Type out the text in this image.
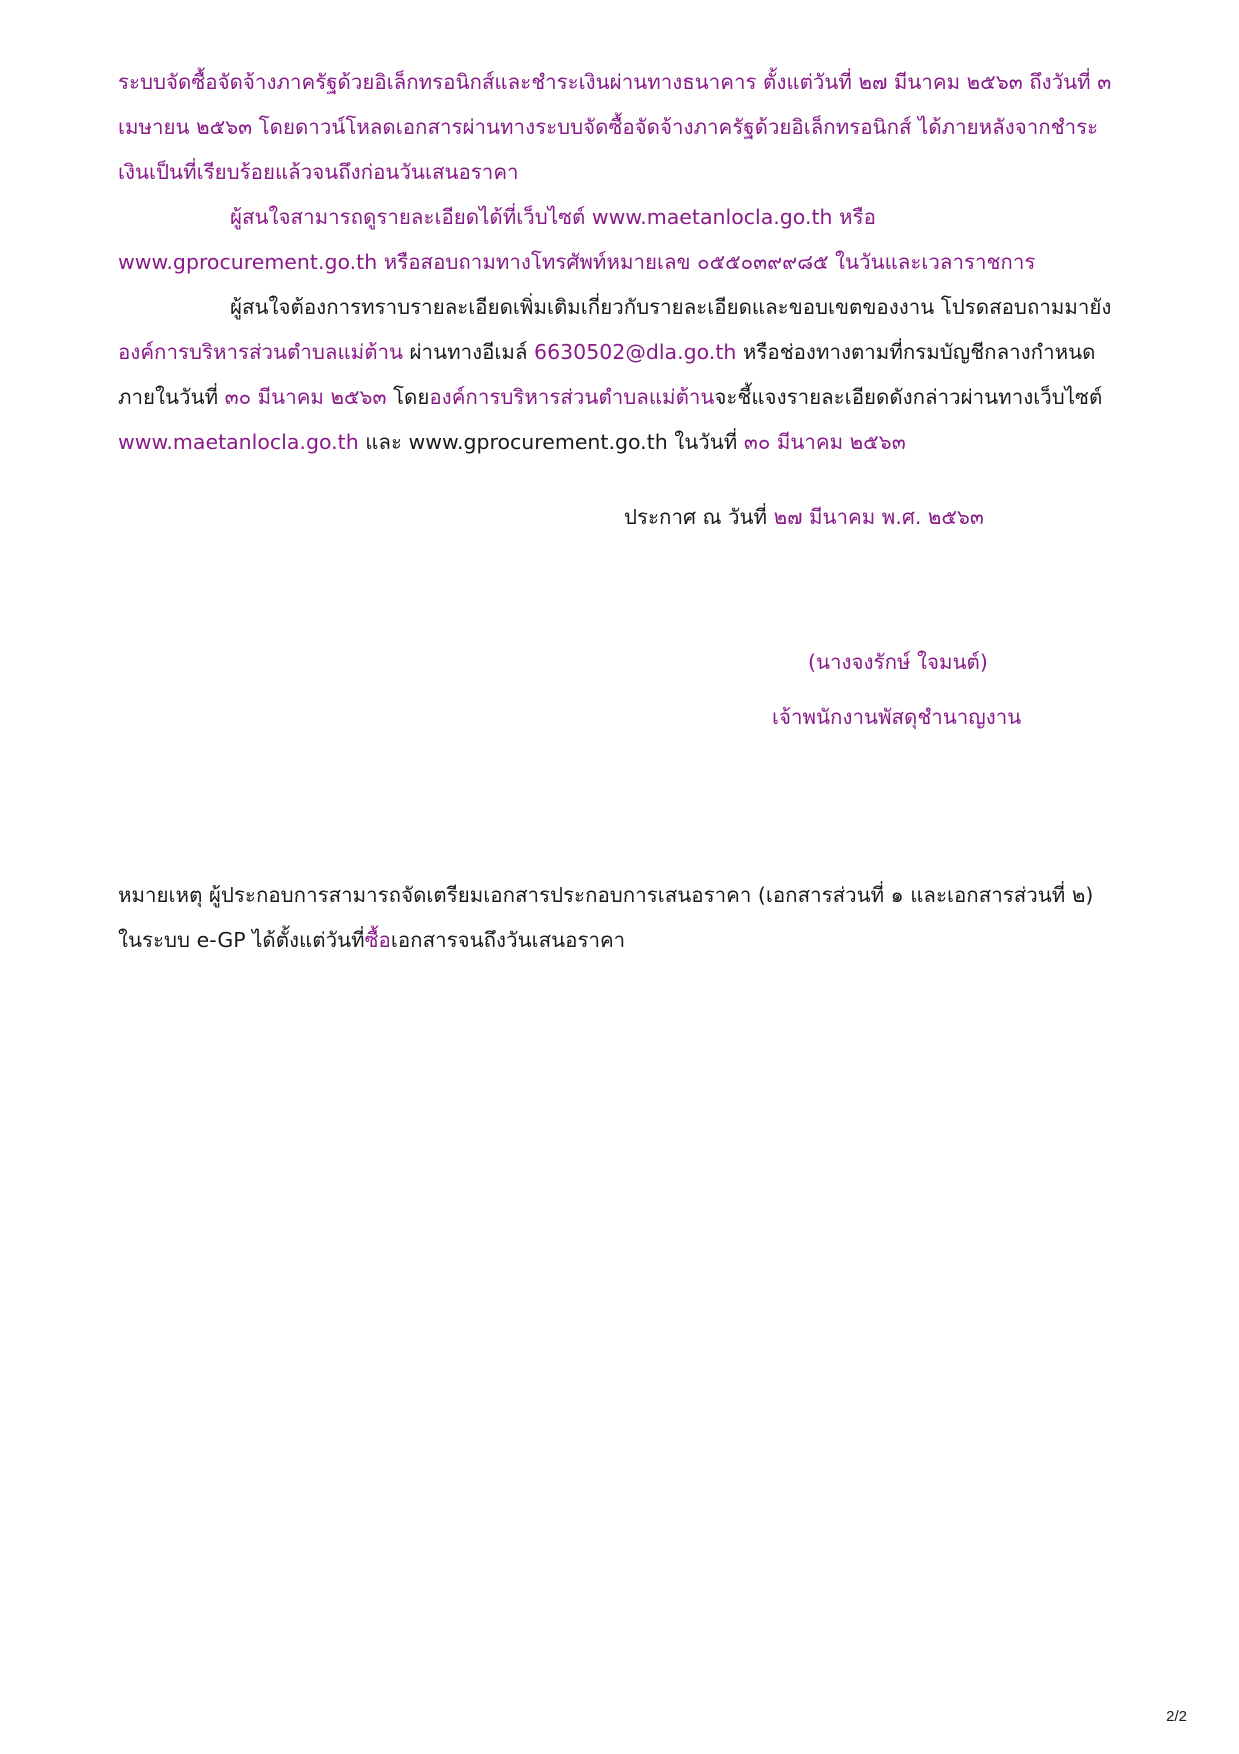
ระบบจัดซื้อจัดจ้างภาครัฐด้วยอิเล็กทรอนิกส์และชำระเงินผ่านทางธนาคาร ตั้งแต่วันที่ ๒๗ มีนาคม ๒๕๖๓ ถึงวันที่ ๓
เมษายน ๒๕๖๓ โดยดาวน์โหลดเอกสารผ่านทางระบบจัดซื้อจัดจ้างภาครัฐด้วยอิเล็กทรอนิกส์ ได้ภายหลังจากชำระ
เงินเป็นที่เรียบร้อยแล้วจนถึงก่อนวันเสนอราคา
ผู้สนใจสามารถดูรายละเอียดได้ที่เว็บไซต์ www.maetanlocla.go.th หรือ
www.gprocurement.go.th หรือสอบถามทางโทรศัพท์หมายเลข ๐๕๕๐๓๙๙๘๕ ในวันและเวลาราชการ
ผู้สนใจต้องการทราบรายละเอียดเพิ่มเติมเกี่ยวกับรายละเอียดและขอบเขตของงาน โปรดสอบถามมายัง
องค์การบริหารส่วนตำบลแม่ต้าน ผ่านทางอีเมล์ 6630502@dla.go.th หรือช่องทางตามที่กรมบัญชีกลางกำหนด
ภายในวันที่ ๓๐ มีนาคม ๒๕๖๓ โดยองค์การบริหารส่วนตำบลแม่ต้านจะชี้แจงรายละเอียดดังกล่าวผ่านทางเว็บไซต์
www.maetanlocla.go.th และ www.gprocurement.go.th ในวันที่ ๓๐ มีนาคม ๒๕๖๓
ประกาศ ณ วันที่ ๒๗ มีนาคม พ.ศ. ๒๕๖๓
(นางจงรักษ์ ใจมนต์)
เจ้าพนักงานพัสดุชำนาญงาน
หมายเหตุ ผู้ประกอบการสามารถจัดเตรียมเอกสารประกอบการเสนอราคา (เอกสารส่วนที่ ๑ และเอกสารส่วนที่ ๒)
ในระบบ e-GP ได้ตั้งแต่วันที่ซื้อเอกสารจนถึงวันเสนอราคา
2/2
